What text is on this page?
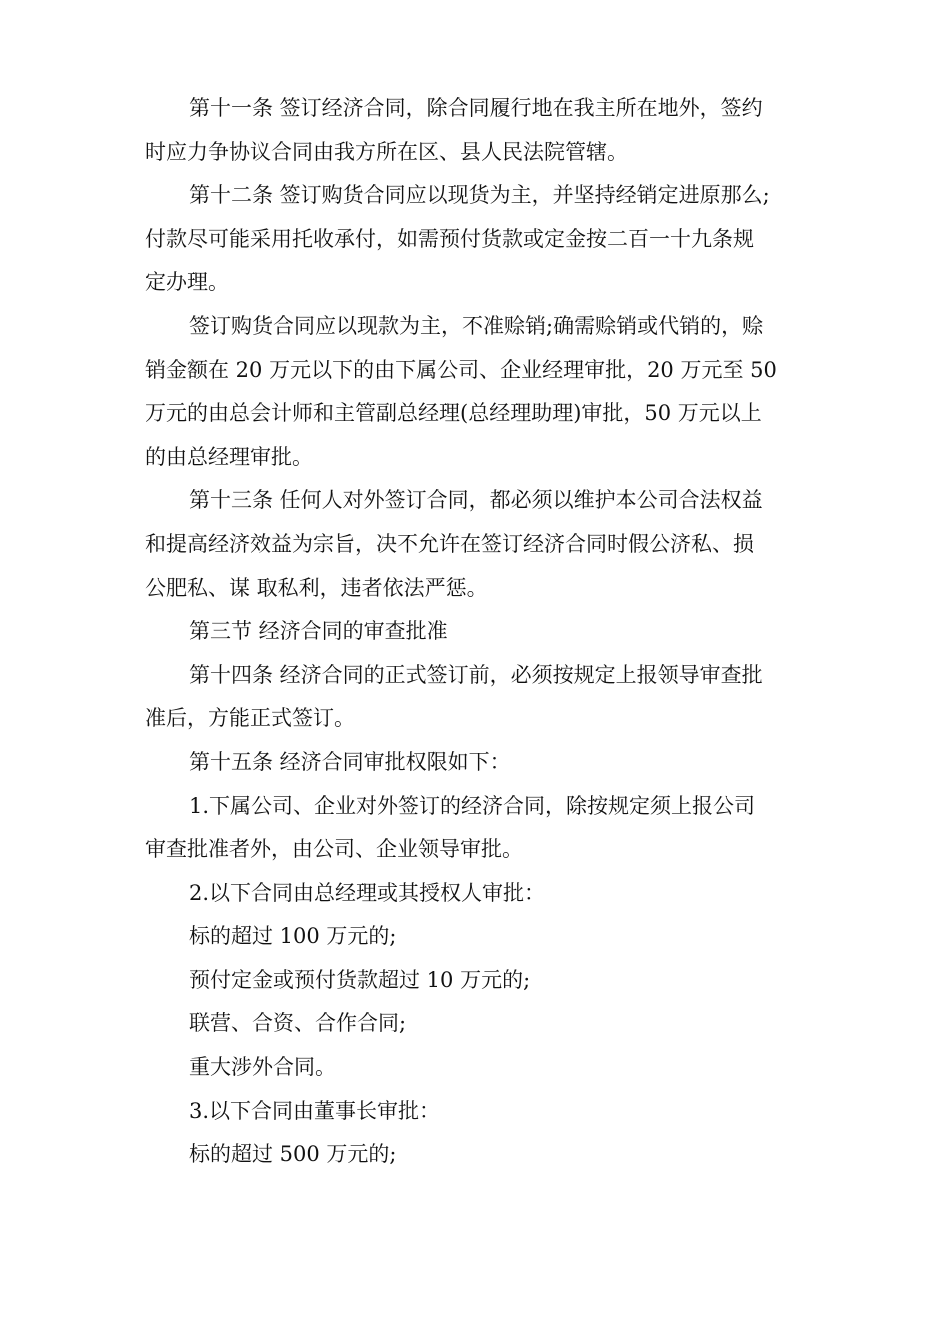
第十一条 签订经济合同，除合同履行地在我主所在地外，签约
时应力争协议合同由我方所在区、县人民法院管辖。

第十二条 签订购货合同应以现货为主，并坚持经销定进原那么;
付款尽可能采用托收承付，如需预付货款或定金按二百一十九条规
定办理。

签订购货合同应以现款为主，不准赊销;确需赊销或代销的，赊
销金额在 20 万元以下的由下属公司、企业经理审批，20 万元至 50
万元的由总会计师和主管副总经理(总经理助理)审批，50 万元以上
的由总经理审批。

第十三条 任何人对外签订合同，都必须以维护本公司合法权益
和提高经济效益为宗旨，决不允许在签订经济合同时假公济私、损
公肥私、谋 取私利，违者依法严惩。

第三节 经济合同的审查批准

第十四条 经济合同的正式签订前，必须按规定上报领导审查批
准后，方能正式签订。

第十五条 经济合同审批权限如下：

1.下属公司、企业对外签订的经济合同，除按规定须上报公司
审查批准者外，由公司、企业领导审批。

2.以下合同由总经理或其授权人审批：

标的超过 100 万元的;

预付定金或预付货款超过 10 万元的;

联营、合资、合作合同;

重大涉外合同。

3.以下合同由董事长审批：

标的超过 500 万元的;
